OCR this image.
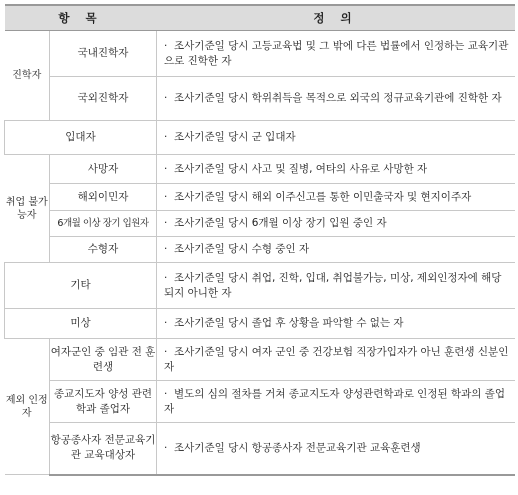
항 목		정 의
진학자	국내진학자	· 조사기준일 당시 고등교육법 및 그 밖에 다른 법률에서 인정하는 교육기관으로 진학한 자
	국외진학자	· 조사기준일 당시 학위취득을 목적으로 외국의 정규교육기관에 진학한 자
입대자		· 조사기준일 당시 군 입대자
취업 불가능자	사망자	· 조사기준일 당시 사고 및 질병, 여타의 사유로 사망한 자
	해외이민자	· 조사기준일 당시 해외 이주신고를 통한 이민출국자 및 현지이주자
	6개월 이상 장기 입원자	· 조사기준일 당시 6개월 이상 장기 입원 중인 자
	수형자	· 조사기준일 당시 수형 중인 자
기타		· 조사기준일 당시 취업, 진학, 입대, 취업불가능, 미상, 제외인정자에 해당되지 아니한 자
미상		· 조사기준일 당시 졸업 후 상황을 파악할 수 없는 자
제외 인정자	여자군인 중 임관 전 훈련생	· 조사기준일 당시 여자 군인 중 건강보험 직장가입자가 아닌 훈련생 신분인 자
	종교지도자 양성 관련학과 졸업자	· 별도의 심의 절차를 거쳐 종교지도자 양성관련학과로 인정된 학과의 졸업자
	항공종사자 전문교육기관 교육대상자	· 조사기준일 당시 항공종사자 전문교육기관 교육훈련생
